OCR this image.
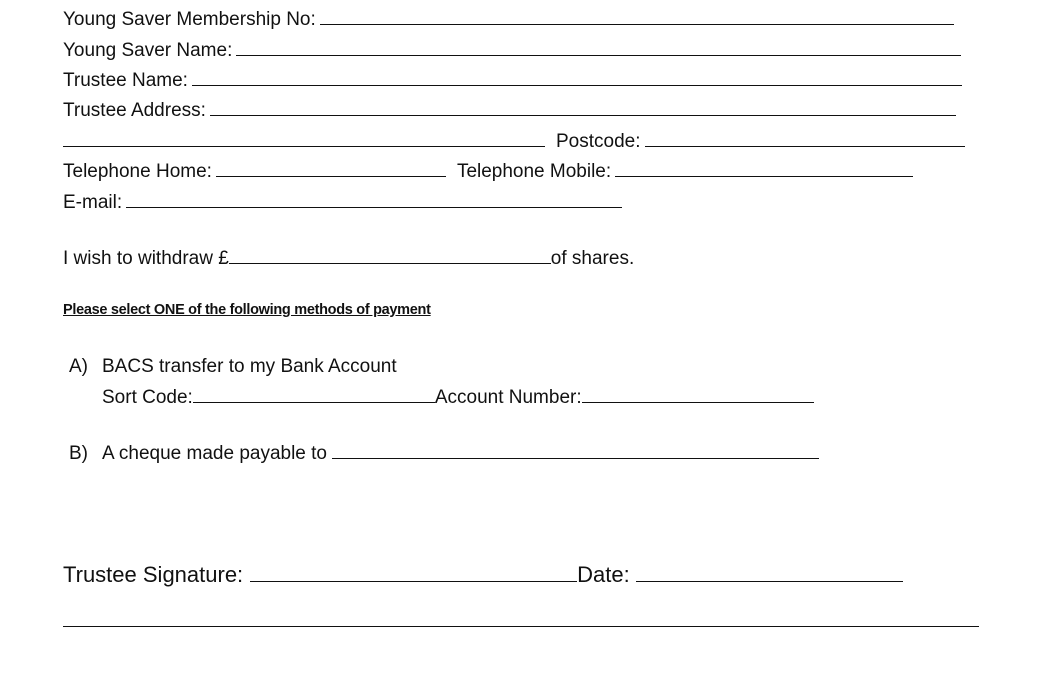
Young Saver Membership No:
Young Saver Name:
Trustee Name:
Trustee Address:
Postcode:
Telephone Home:	Telephone Mobile:
E-mail:
I wish to withdraw £	of shares.
Please select ONE of the following methods of payment
A) BACS transfer to my Bank Account
Sort Code:	Account Number:
B) A cheque made payable to
Trustee Signature:	Date:
